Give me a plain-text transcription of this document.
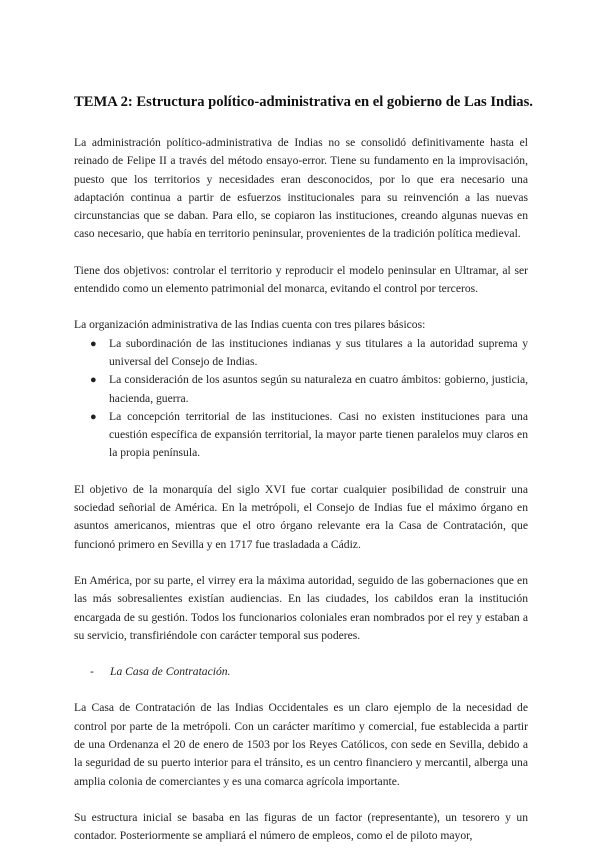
TEMA 2: Estructura político-administrativa en el gobierno de Las Indias.

La administración político-administrativa de Indias no se consolidó definitivamente hasta el reinado de Felipe II a través del método ensayo-error. Tiene su fundamento en la improvisación, puesto que los territorios y necesidades eran desconocidos, por lo que era necesario una adaptación continua a partir de esfuerzos institucionales para su reinvención a las nuevas circunstancias que se daban. Para ello, se copiaron las instituciones, creando algunas nuevas en caso necesario, que había en territorio peninsular, provenientes de la tradición política medieval.

Tiene dos objetivos: controlar el territorio y reproducir el modelo peninsular en Ultramar, al ser entendido como un elemento patrimonial del monarca, evitando el control por terceros.

La organización administrativa de las Indias cuenta con tres pilares básicos:

● La subordinación de las instituciones indianas y sus titulares a la autoridad suprema y universal del Consejo de Indias.
● La consideración de los asuntos según su naturaleza en cuatro ámbitos: gobierno, justicia, hacienda, guerra.
● La concepción territorial de las instituciones. Casi no existen instituciones para una cuestión específica de expansión territorial, la mayor parte tienen paralelos muy claros en la propia península.

El objetivo de la monarquía del siglo XVI fue cortar cualquier posibilidad de construir una sociedad señorial de América. En la metrópoli, el Consejo de Indias fue el máximo órgano en asuntos americanos, mientras que el otro órgano relevante era la Casa de Contratación, que funcionó primero en Sevilla y en 1717 fue trasladada a Cádiz.

En América, por su parte, el virrey era la máxima autoridad, seguido de las gobernaciones que en las más sobresalientes existían audiencias. En las ciudades, los cabildos eran la institución encargada de su gestión. Todos los funcionarios coloniales eran nombrados por el rey y estaban a su servicio, transfiriéndole con carácter temporal sus poderes.

- La Casa de Contratación.

La Casa de Contratación de las Indias Occidentales es un claro ejemplo de la necesidad de control por parte de la metrópoli. Con un carácter marítimo y comercial, fue establecida a partir de una Ordenanza el 20 de enero de 1503 por los Reyes Católicos, con sede en Sevilla, debido a la seguridad de su puerto interior para el tránsito, es un centro financiero y mercantil, alberga una amplia colonia de comerciantes y es una comarca agrícola importante.

Su estructura inicial se basaba en las figuras de un factor (representante), un tesorero y un contador. Posteriormente se ampliará el número de empleos, como el de piloto mayor,
